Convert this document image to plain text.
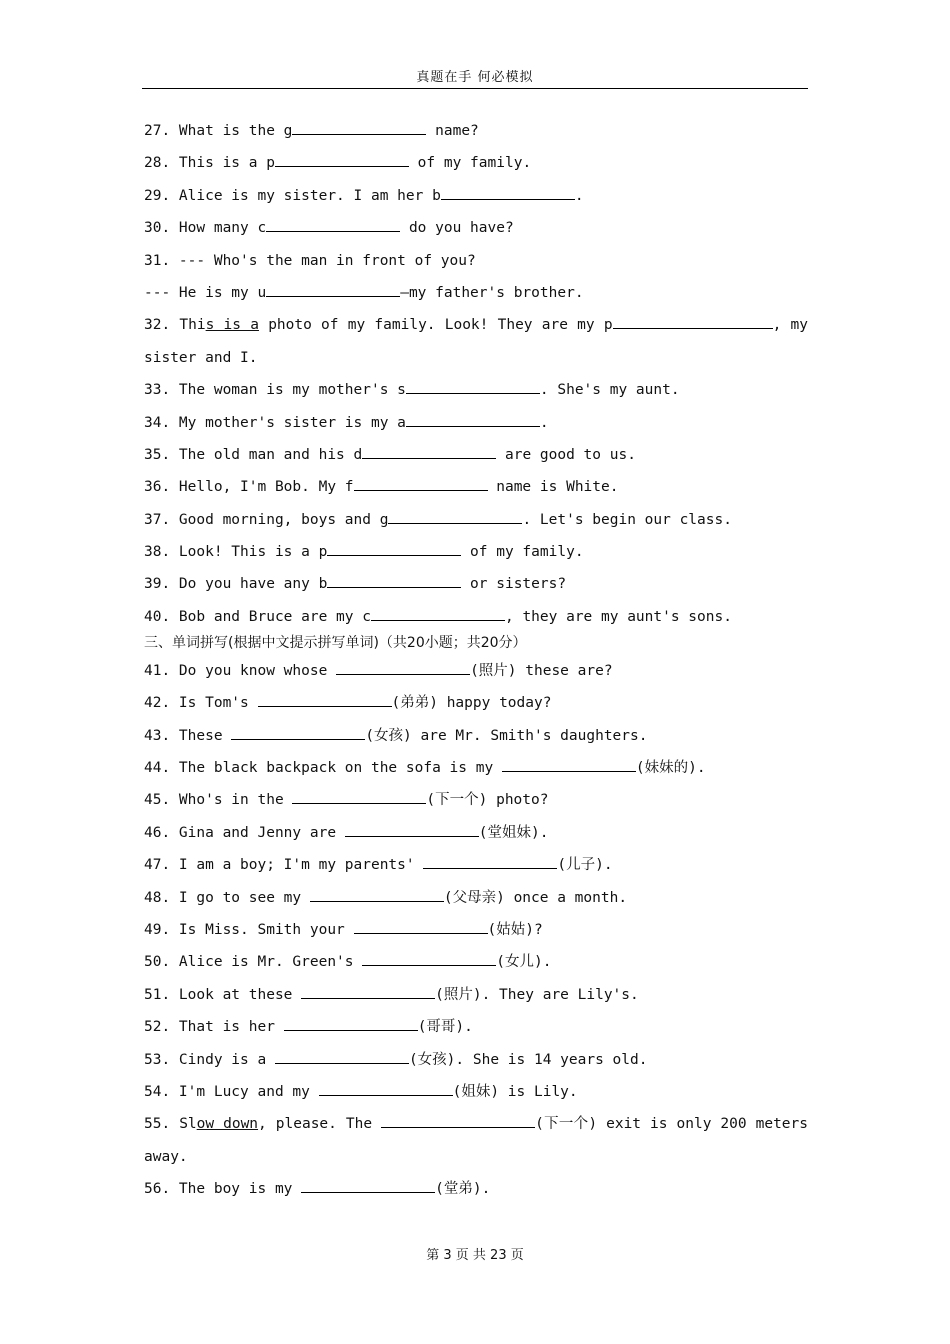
真题在手 何必模拟
27. What is the g	name?
28. This is a p	of my family.
29. Alice is my sister. I am her b	.
30. How many c	do you have?
31. --- Who's the man in front of you?
--- He is my u	—my father's brother.
32. This is a photo of my family. Look! They are my p	, my
sister and I.
33. The woman is my mother's s	. She's my aunt.
34. My mother's sister is my a	.
35. The old man and his d	are good to us.
36. Hello, I'm Bob. My f	name is White.
37. Good morning, boys and g	. Let's begin our class.
38. Look! This is a p	of my family.
39. Do you have any b	or sisters?
40. Bob and Bruce are my c	, they are my aunt's sons.
三、单词拼写(根据中文提示拼写单词)（共20小题；共20分）
41. Do you know whose	(照片) these are?
42. Is Tom's	(弟弟) happy today?
43. These	(女孩) are Mr. Smith's daughters.
44. The black backpack on the sofa is my	(妹妹的).
45. Who's in the	(下一个) photo?
46. Gina and Jenny are	(堂姐妹).
47. I am a boy; I'm my parents'	(儿子).
48. I go to see my	(父母亲) once a month.
49. Is Miss. Smith your	(姑姑)?
50. Alice is Mr. Green's	(女儿).
51. Look at these	(照片). They are Lily's.
52. That is her	(哥哥).
53. Cindy is a	(女孩). She is 14 years old.
54. I'm Lucy and my	(姐妹) is Lily.
55. Slow down, please. The	(下一个) exit is only 200 meters
away.
56. The boy is my	(堂弟).
第 3 页 共 23 页
